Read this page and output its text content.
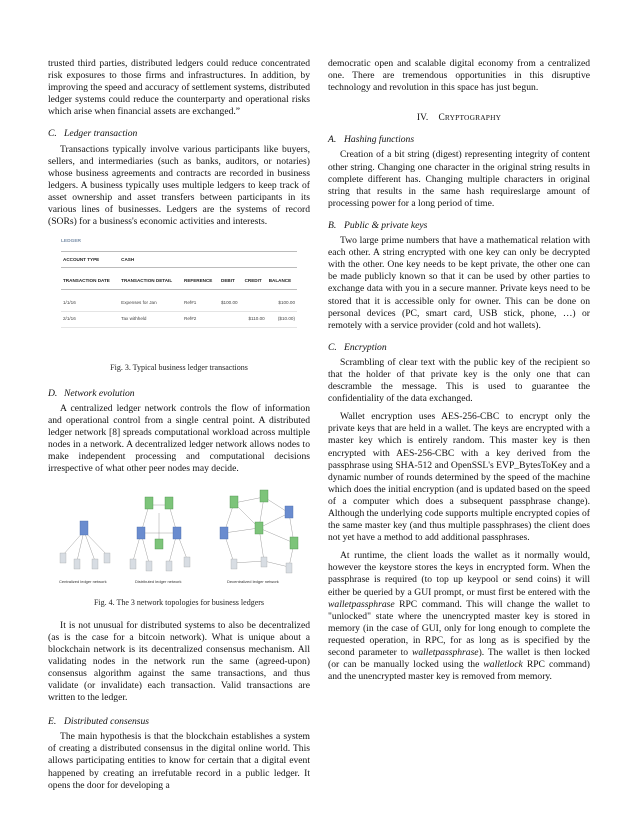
trusted third parties, distributed ledgers could reduce concentrated risk exposures to those firms and infrastructures. In addition, by improving the speed and accuracy of settlement systems, distributed ledger systems could reduce the counterparty and operational risks which arise when financial assets are exchanged.”

C. Ledger transaction

Transactions typically involve various participants like buyers, sellers, and intermediaries (such as banks, auditors, or notaries) whose business agreements and contracts are recorded in business ledgers. A business typically uses multiple ledgers to keep track of asset ownership and asset transfers between participants in its various lines of businesses. Ledgers are the systems of record (SORs) for a business's economic activities and interests.

LEDGER
ACCOUNT TYPE	CASH				

TRANSACTION DATE	TRANSACTION DETAIL	REFERENCE	DEBIT	CREDIT	BALANCE

1/1/16	Expenses for Jan	Ref#1	$100.00		$100.00
2/1/16	Tax withheld	Ref#2		$110.00	($10.00)
Fig. 3. Typical business ledger transactions
D. Network evolution

A centralized ledger network controls the flow of information and operational control from a single central point. A distributed ledger network [8] spreads computational workload across multiple nodes in a network. A decentralized ledger network allows nodes to make independent processing and computational decisions irrespective of what other peer nodes may decide.

Centralized ledger network	Distributed ledger network	Decentralized ledger network
Fig. 4. The 3 network topologies for business ledgers

It is not unusual for distributed systems to also be decentralized (as is the case for a bitcoin network). What is unique about a blockchain network is its decentralized consensus mechanism. All validating nodes in the network run the same (agreed-upon) consensus algorithm against the same transactions, and thus validate (or invalidate) each transaction. Valid transactions are written to the ledger.

E. Distributed consensus

The main hypothesis is that the blockchain establishes a system of creating a distributed consensus in the digital online world. This allows participating entities to know for certain that a digital event happened by creating an irrefutable record in a public ledger. It opens the door for developing a

democratic open and scalable digital economy from a centralized one. There are tremendous opportunities in this disruptive technology and revolution in this space has just begun.

IV. CRYPTOGRAPHY
A. Hashing functions

Creation of a bit string (digest) representing integrity of content other string. Changing one character in the original string results in complete different has. Changing multiple characters in original string that results in the same hash requireslarge amount of processing power for a long period of time.

B. Public & private keys

Two large prime numbers that have a mathematical relation with each other. A string encrypted with one key can only be decrypted with the other. One key needs to be kept private, the other one can be made publicly known so that it can be used by other parties to exchange data with you in a secure manner. Private keys need to be stored that it is accessible only for owner. This can be done on personal devices (PC, smart card, USB stick, phone, …) or remotely with a service provider (cold and hot wallets).

C. Encryption

Scrambling of clear text with the public key of the recipient so that the holder of that private key is the only one that can descramble the message. This is used to guarantee the confidentiality of the data exchanged.

Wallet encryption uses AES-256-CBC to encrypt only the private keys that are held in a wallet. The keys are encrypted with a master key which is entirely random. This master key is then encrypted with AES-256-CBC with a key derived from the passphrase using SHA-512 and OpenSSL's EVP_BytesToKey and a dynamic number of rounds determined by the speed of the machine which does the initial encryption (and is updated based on the speed of a computer which does a subsequent passphrase change). Although the underlying code supports multiple encrypted copies of the same master key (and thus multiple passphrases) the client does not yet have a method to add additional passphrases.

At runtime, the client loads the wallet as it normally would, however the keystore stores the keys in encrypted form. When the passphrase is required (to top up keypool or send coins) it will either be queried by a GUI prompt, or must first be entered with the walletpassphrase RPC command. This will change the wallet to "unlocked" state where the unencrypted master key is stored in memory (in the case of GUI, only for long enough to complete the requested operation, in RPC, for as long as is specified by the second parameter to walletpassphrase). The wallet is then locked (or can be manually locked using the walletlock RPC command) and the unencrypted master key is removed from memory.
